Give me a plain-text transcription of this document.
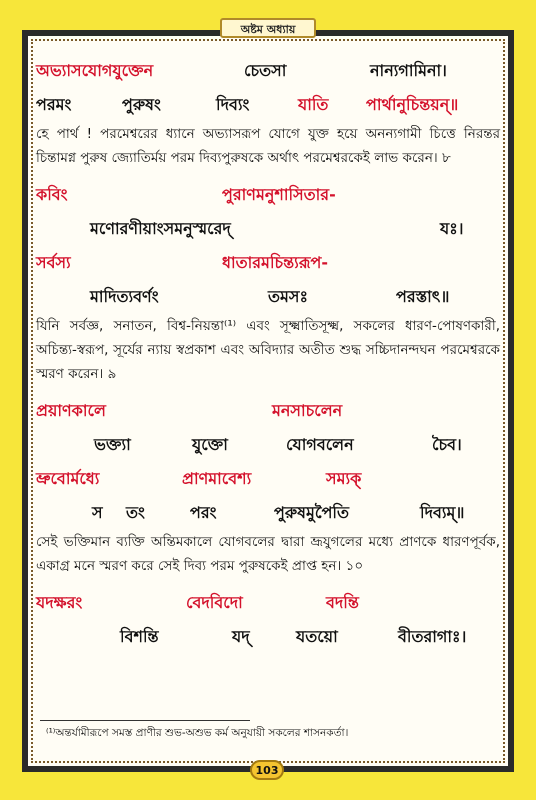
অষ্টম অধ্যায়
অভ্যাসযোগযুক্তেন	চেতসা	নান্যগামিনা।
পরমং	পুরুষং	দিব্যং	যাতি পার্থানুচিন্তয়ন্॥
হে পার্থ ! পরমেশ্বরের ধ্যানে অভ্যাসরূপ যোগে যুক্ত হয়ে অনন্যগামী চিত্তে নিরন্তর চিন্তামগ্ন পুরুষ জ্যোতির্ময় পরম দিব্যপুরুষকে অর্থাৎ পরমেশ্বরকেই লাভ করেন। ৮
কবিং	পুরাণমনুশাসিতার-
মণোরণীয়াংসমনুস্মরেদ্	যঃ।
সর্বস্য	ধাতারমচিন্ত্যরূপ-
মাদিত্যবর্ণং	তমসঃ	পরস্তাৎ॥
যিনি সর্বজ্ঞ, সনাতন, বিশ্ব-নিয়ন্তা⁽¹⁾ এবং সূক্ষ্মাতিসূক্ষ্ম, সকলের ধারণ-পোষণকারী, অচিন্ত্য-স্বরূপ, সূর্যের ন্যায় স্বপ্রকাশ এবং অবিদ্যার অতীত শুদ্ধ সচ্চিদানন্দঘন পরমেশ্বরকে স্মরণ করেন। ৯
প্রয়াণকালে	মনসাচলেন
ভক্ত্যা	যুক্তো	যোগবলেন	চৈব।
ভ্রুবোর্মধ্যে	প্রাণমাবেশ্য	সম্যক্
স তং	পরং	পুরুষমুপৈতি	দিব্যম্॥
সেই ভক্তিমান ব্যক্তি অন্তিমকালে যোগবলের দ্বারা ভ্রূযুগলের মধ্যে প্রাণকে ধারণপূর্বক, একাগ্র মনে স্মরণ করে সেই দিব্য পরম পুরুষকেই প্রাপ্ত হন। ১০
যদক্ষরং	বেদবিদো	বদন্তি
বিশন্তি	যদ্	যতয়ো	বীতরাগাঃ।
⁽¹⁾অন্তর্যামীরূপে সমস্ত প্রাণীর শুভ-অশুভ কর্ম অনুযায়ী সকলের শাসনকর্তা।
103
